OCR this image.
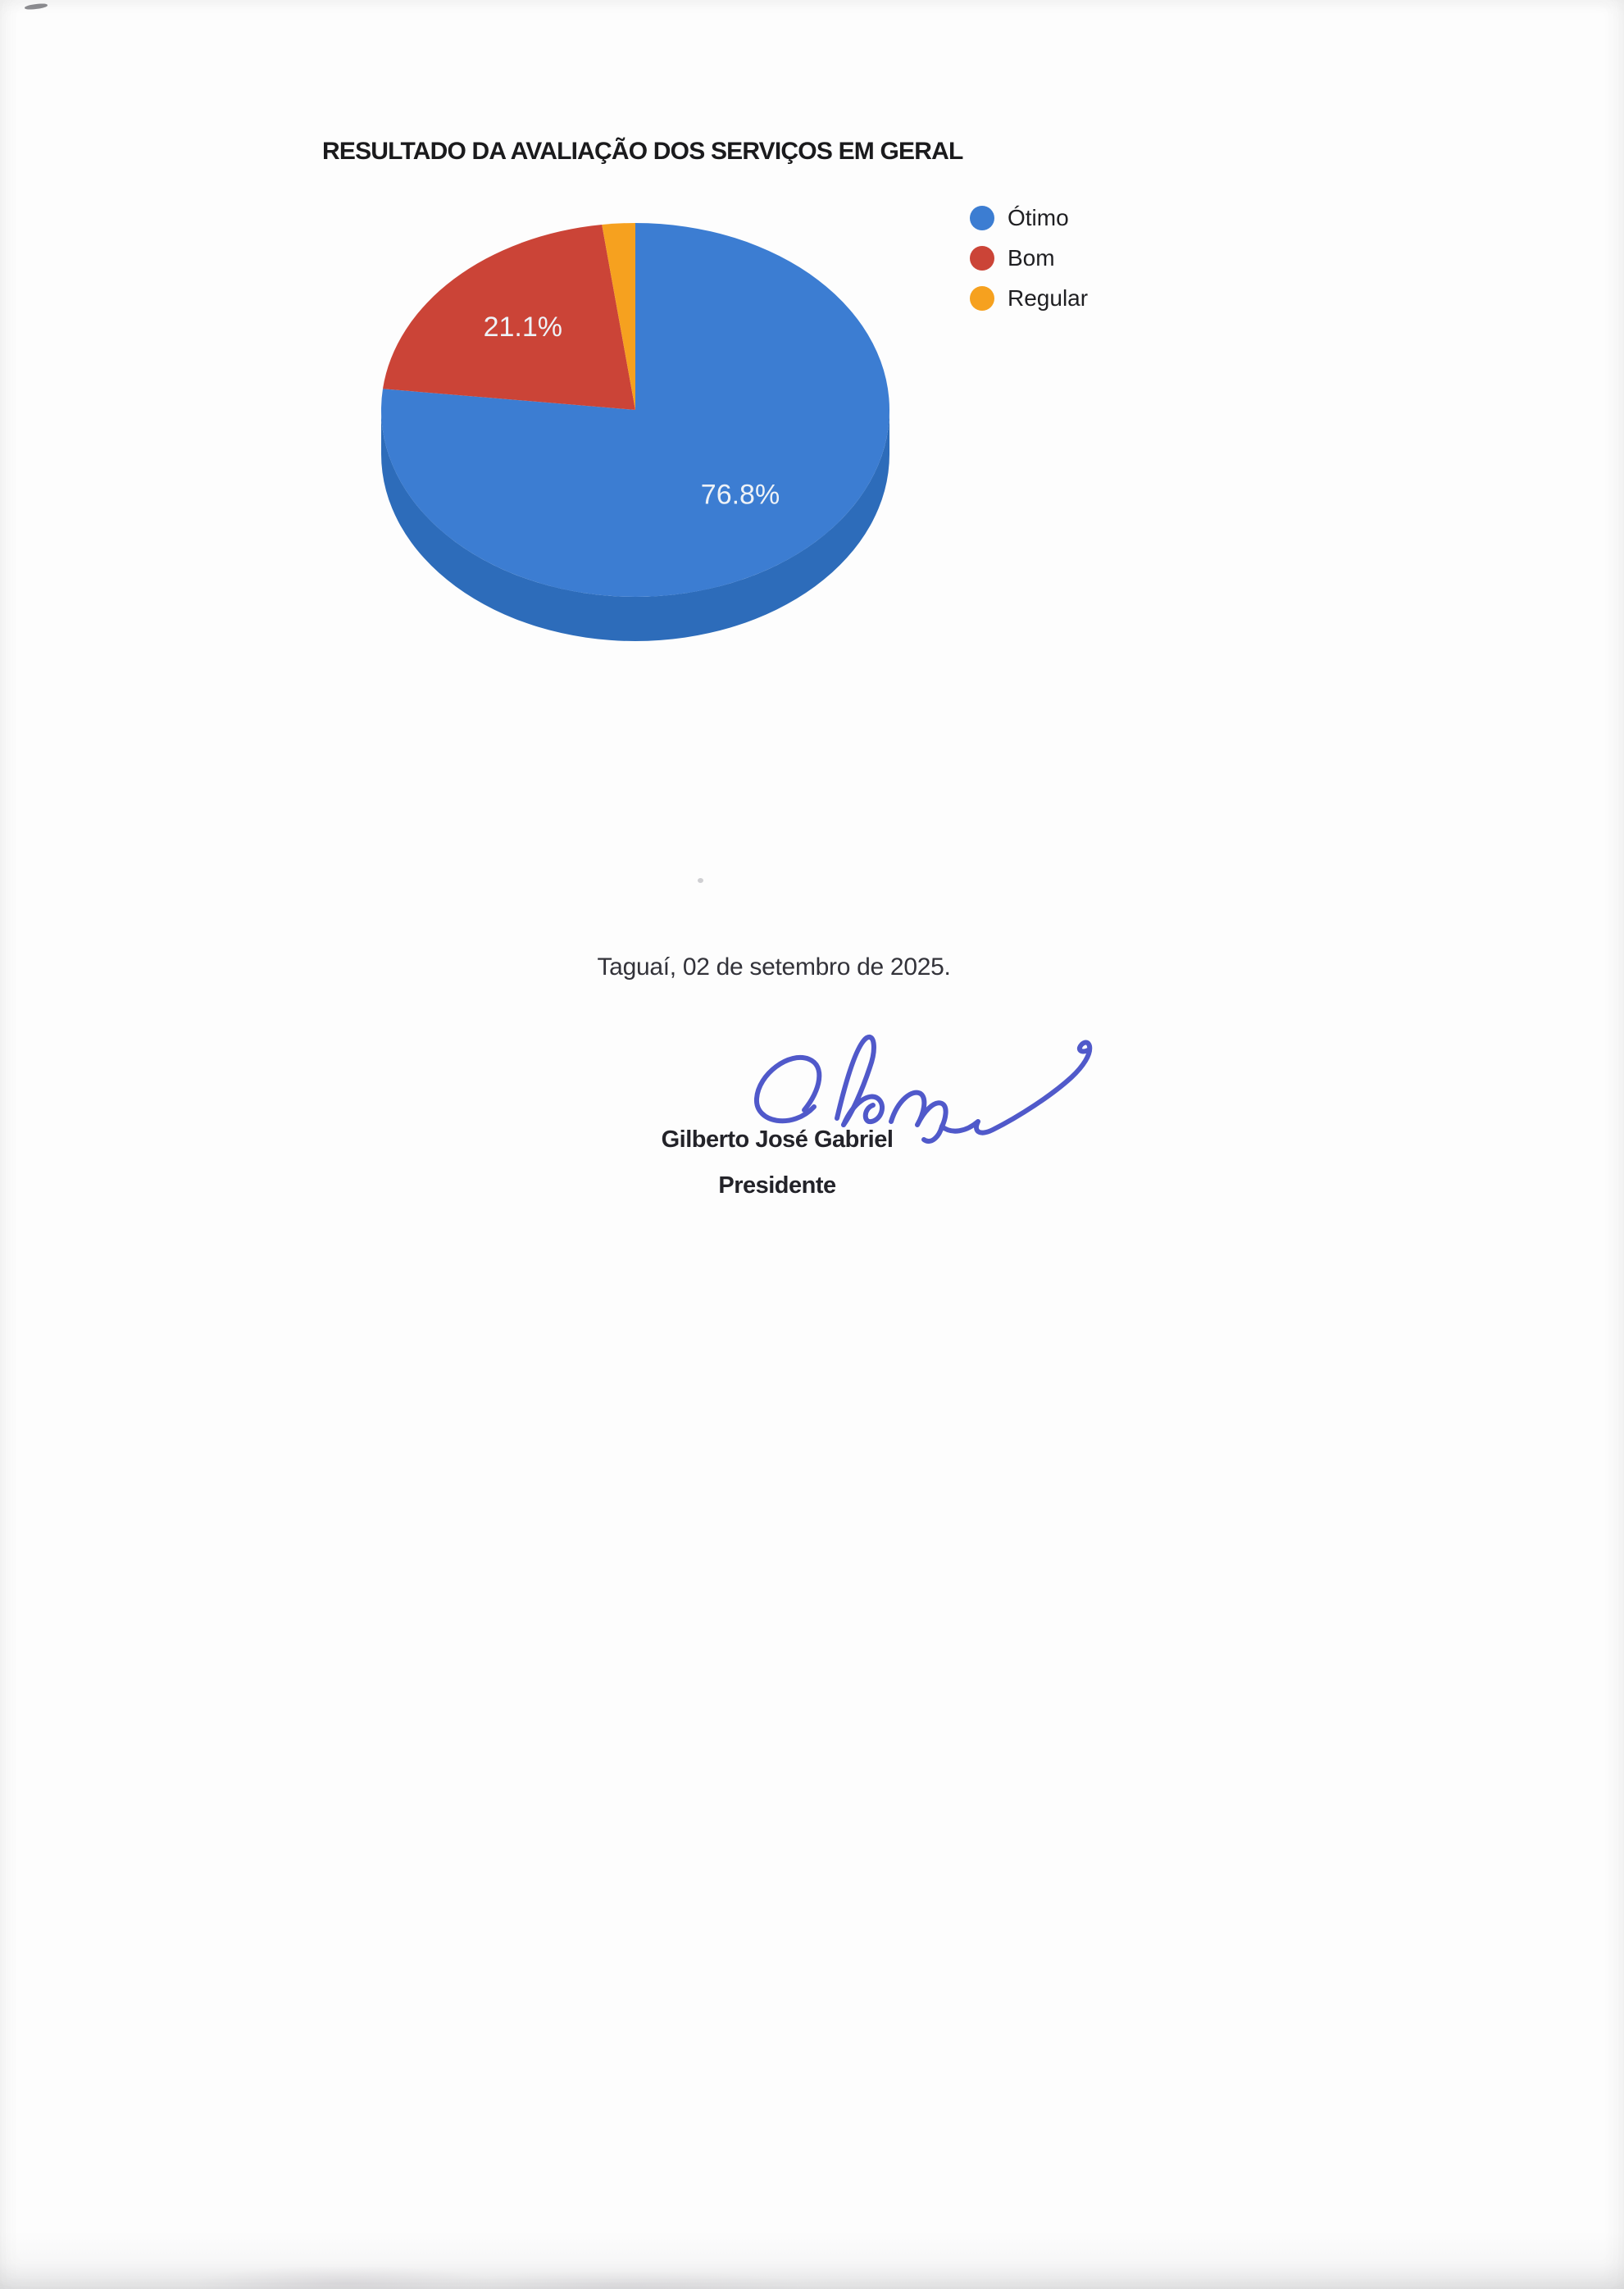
RESULTADO DA AVALIAÇÃO DOS SERVIÇOS EM GERAL
76.8%
21.1%
Ótimo
Bom
Regular
Taguaí, 02 de setembro de 2025.
Gilberto José Gabriel
Presidente
